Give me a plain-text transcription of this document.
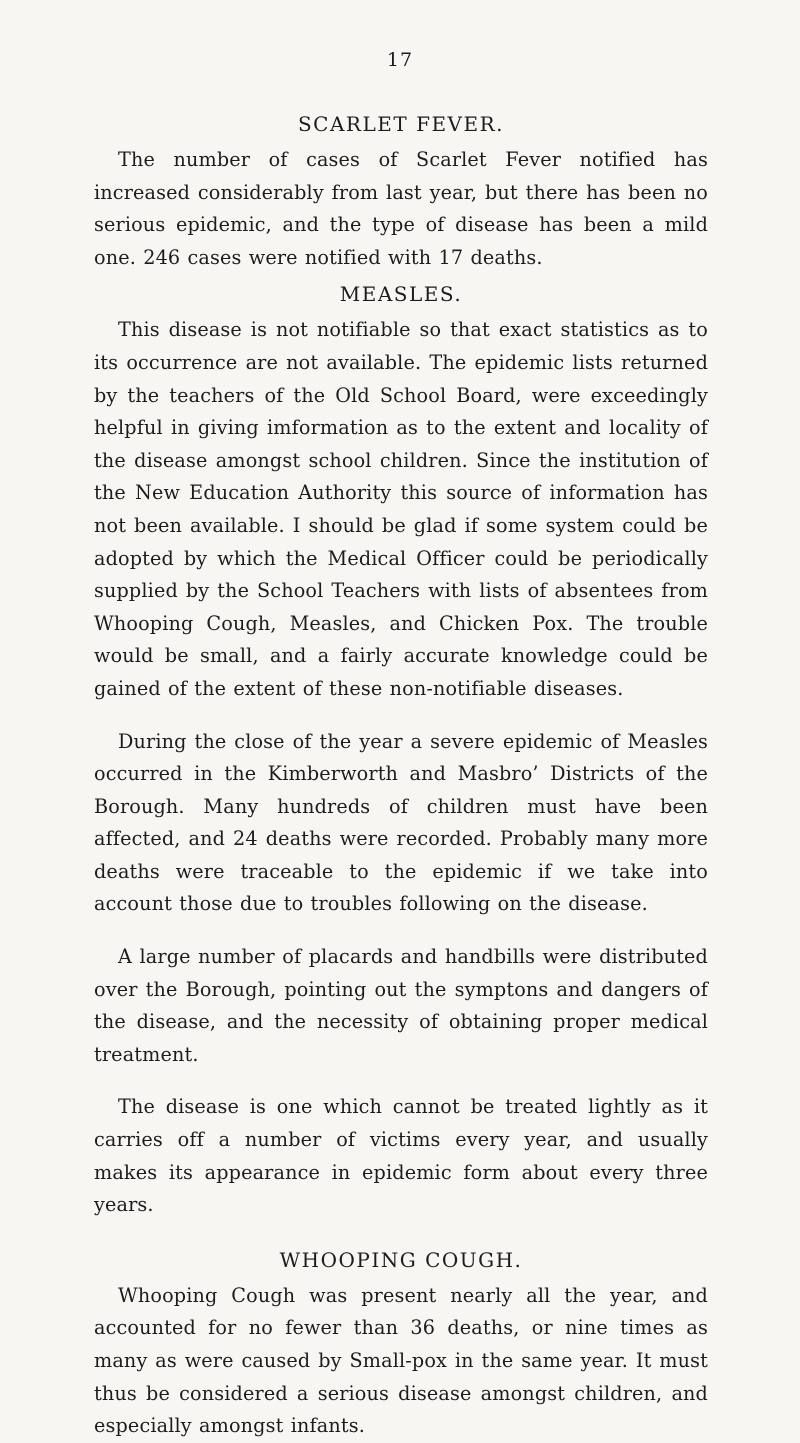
17
SCARLET FEVER.

The number of cases of Scarlet Fever notified has increased considerably from last year, but there has been no serious epidemic, and the type of disease has been a mild one. 246 cases were notified with 17 deaths.

MEASLES.

This disease is not notifiable so that exact statistics as to its occurrence are not available. The epidemic lists returned by the teachers of the Old School Board, were exceedingly helpful in giving imformation as to the extent and locality of the disease amongst school children. Since the institution of the New Education Authority this source of information has not been available. I should be glad if some system could be adopted by which the Medical Officer could be periodically supplied by the School Teachers with lists of absentees from Whooping Cough, Measles, and Chicken Pox. The trouble would be small, and a fairly accurate knowledge could be gained of the extent of these non-notifiable diseases.

During the close of the year a severe epidemic of Measles occurred in the Kimberworth and Masbro’ Districts of the Borough. Many hundreds of children must have been affected, and 24 deaths were recorded. Probably many more deaths were traceable to the epidemic if we take into account those due to troubles following on the disease.

A large number of placards and handbills were distributed over the Borough, pointing out the symptons and dangers of the disease, and the necessity of obtaining proper medical treatment.

The disease is one which cannot be treated lightly as it carries off a number of victims every year, and usually makes its appearance in epidemic form about every three years.

WHOOPING COUGH.

Whooping Cough was present nearly all the year, and accounted for no fewer than 36 deaths, or nine times as many as were caused by Small-pox in the same year. It must thus be considered a serious disease amongst children, and especially amongst infants.
